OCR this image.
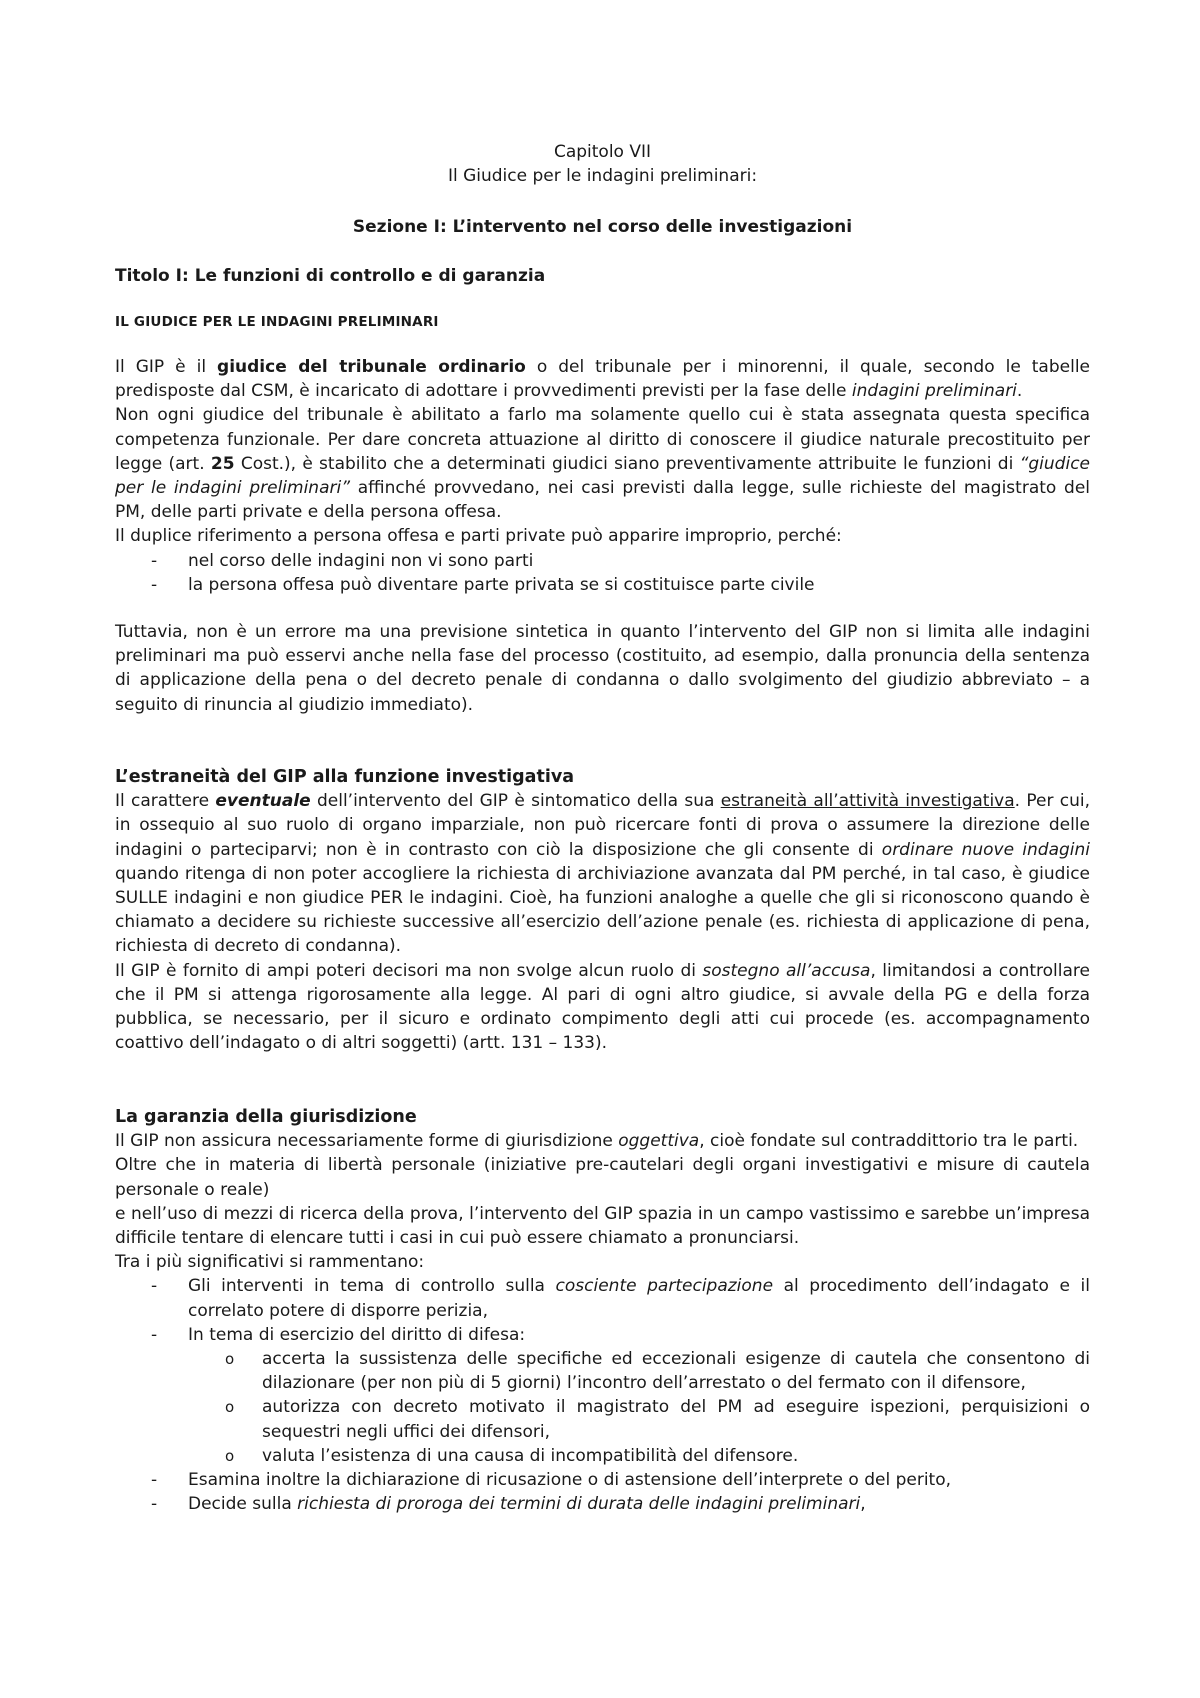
Capitolo VII

Il Giudice per le indagini preliminari:

Sezione I: L’intervento nel corso delle investigazioni

Titolo I: Le funzioni di controllo e di garanzia

IL GIUDICE PER LE INDAGINI PRELIMINARI

Il GIP è il giudice del tribunale ordinario o del tribunale per i minorenni, il quale, secondo le tabelle predisposte dal CSM, è incaricato di adottare i provvedimenti previsti per la fase delle indagini preliminari.

Non ogni giudice del tribunale è abilitato a farlo ma solamente quello cui è stata assegnata questa specifica competenza funzionale. Per dare concreta attuazione al diritto di conoscere il giudice naturale precostituito per legge (art. 25 Cost.), è stabilito che a determinati giudici siano preventivamente attribuite le funzioni di “giudice per le indagini preliminari” affinché provvedano, nei casi previsti dalla legge, sulle richieste del magistrato del PM, delle parti private e della persona offesa.

Il duplice riferimento a persona offesa e parti private può apparire improprio, perché:

- nel corso delle indagini non vi sono parti
- la persona offesa può diventare parte privata se si costituisce parte civile

Tuttavia, non è un errore ma una previsione sintetica in quanto l’intervento del GIP non si limita alle indagini preliminari ma può esservi anche nella fase del processo (costituito, ad esempio, dalla pronuncia della sentenza di applicazione della pena o del decreto penale di condanna o dallo svolgimento del giudizio abbreviato – a seguito di rinuncia al giudizio immediato).

L’estraneità del GIP alla funzione investigativa

Il carattere eventuale dell’intervento del GIP è sintomatico della sua estraneità all’attività investigativa. Per cui, in ossequio al suo ruolo di organo imparziale, non può ricercare fonti di prova o assumere la direzione delle indagini o parteciparvi; non è in contrasto con ciò la disposizione che gli consente di ordinare nuove indagini quando ritenga di non poter accogliere la richiesta di archiviazione avanzata dal PM perché, in tal caso, è giudice SULLE indagini e non giudice PER le indagini. Cioè, ha funzioni analoghe a quelle che gli si riconoscono quando è chiamato a decidere su richieste successive all’esercizio dell’azione penale (es. richiesta di applicazione di pena, richiesta di decreto di condanna).

Il GIP è fornito di ampi poteri decisori ma non svolge alcun ruolo di sostegno all’accusa, limitandosi a controllare che il PM si attenga rigorosamente alla legge. Al pari di ogni altro giudice, si avvale della PG e della forza pubblica, se necessario, per il sicuro e ordinato compimento degli atti cui procede (es. accompagnamento coattivo dell’indagato o di altri soggetti) (artt. 131 – 133).

La garanzia della giurisdizione

Il GIP non assicura necessariamente forme di giurisdizione oggettiva, cioè fondate sul contraddittorio tra le parti.

Oltre che in materia di libertà personale (iniziative pre-cautelari degli organi investigativi e misure di cautela personale o reale)

e nell’uso di mezzi di ricerca della prova, l’intervento del GIP spazia in un campo vastissimo e sarebbe un’impresa difficile tentare di elencare tutti i casi in cui può essere chiamato a pronunciarsi.

Tra i più significativi si rammentano:

- Gli interventi in tema di controllo sulla cosciente partecipazione al procedimento dell’indagato e il correlato potere di disporre perizia,
- In tema di esercizio del diritto di difesa:
o accerta la sussistenza delle specifiche ed eccezionali esigenze di cautela che consentono di dilazionare (per non più di 5 giorni) l’incontro dell’arrestato o del fermato con il difensore,
o autorizza con decreto motivato il magistrato del PM ad eseguire ispezioni, perquisizioni o sequestri negli uffici dei difensori,
o valuta l’esistenza di una causa di incompatibilità del difensore.
- Esamina inoltre la dichiarazione di ricusazione o di astensione dell’interprete o del perito,
- Decide sulla richiesta di proroga dei termini di durata delle indagini preliminari,
